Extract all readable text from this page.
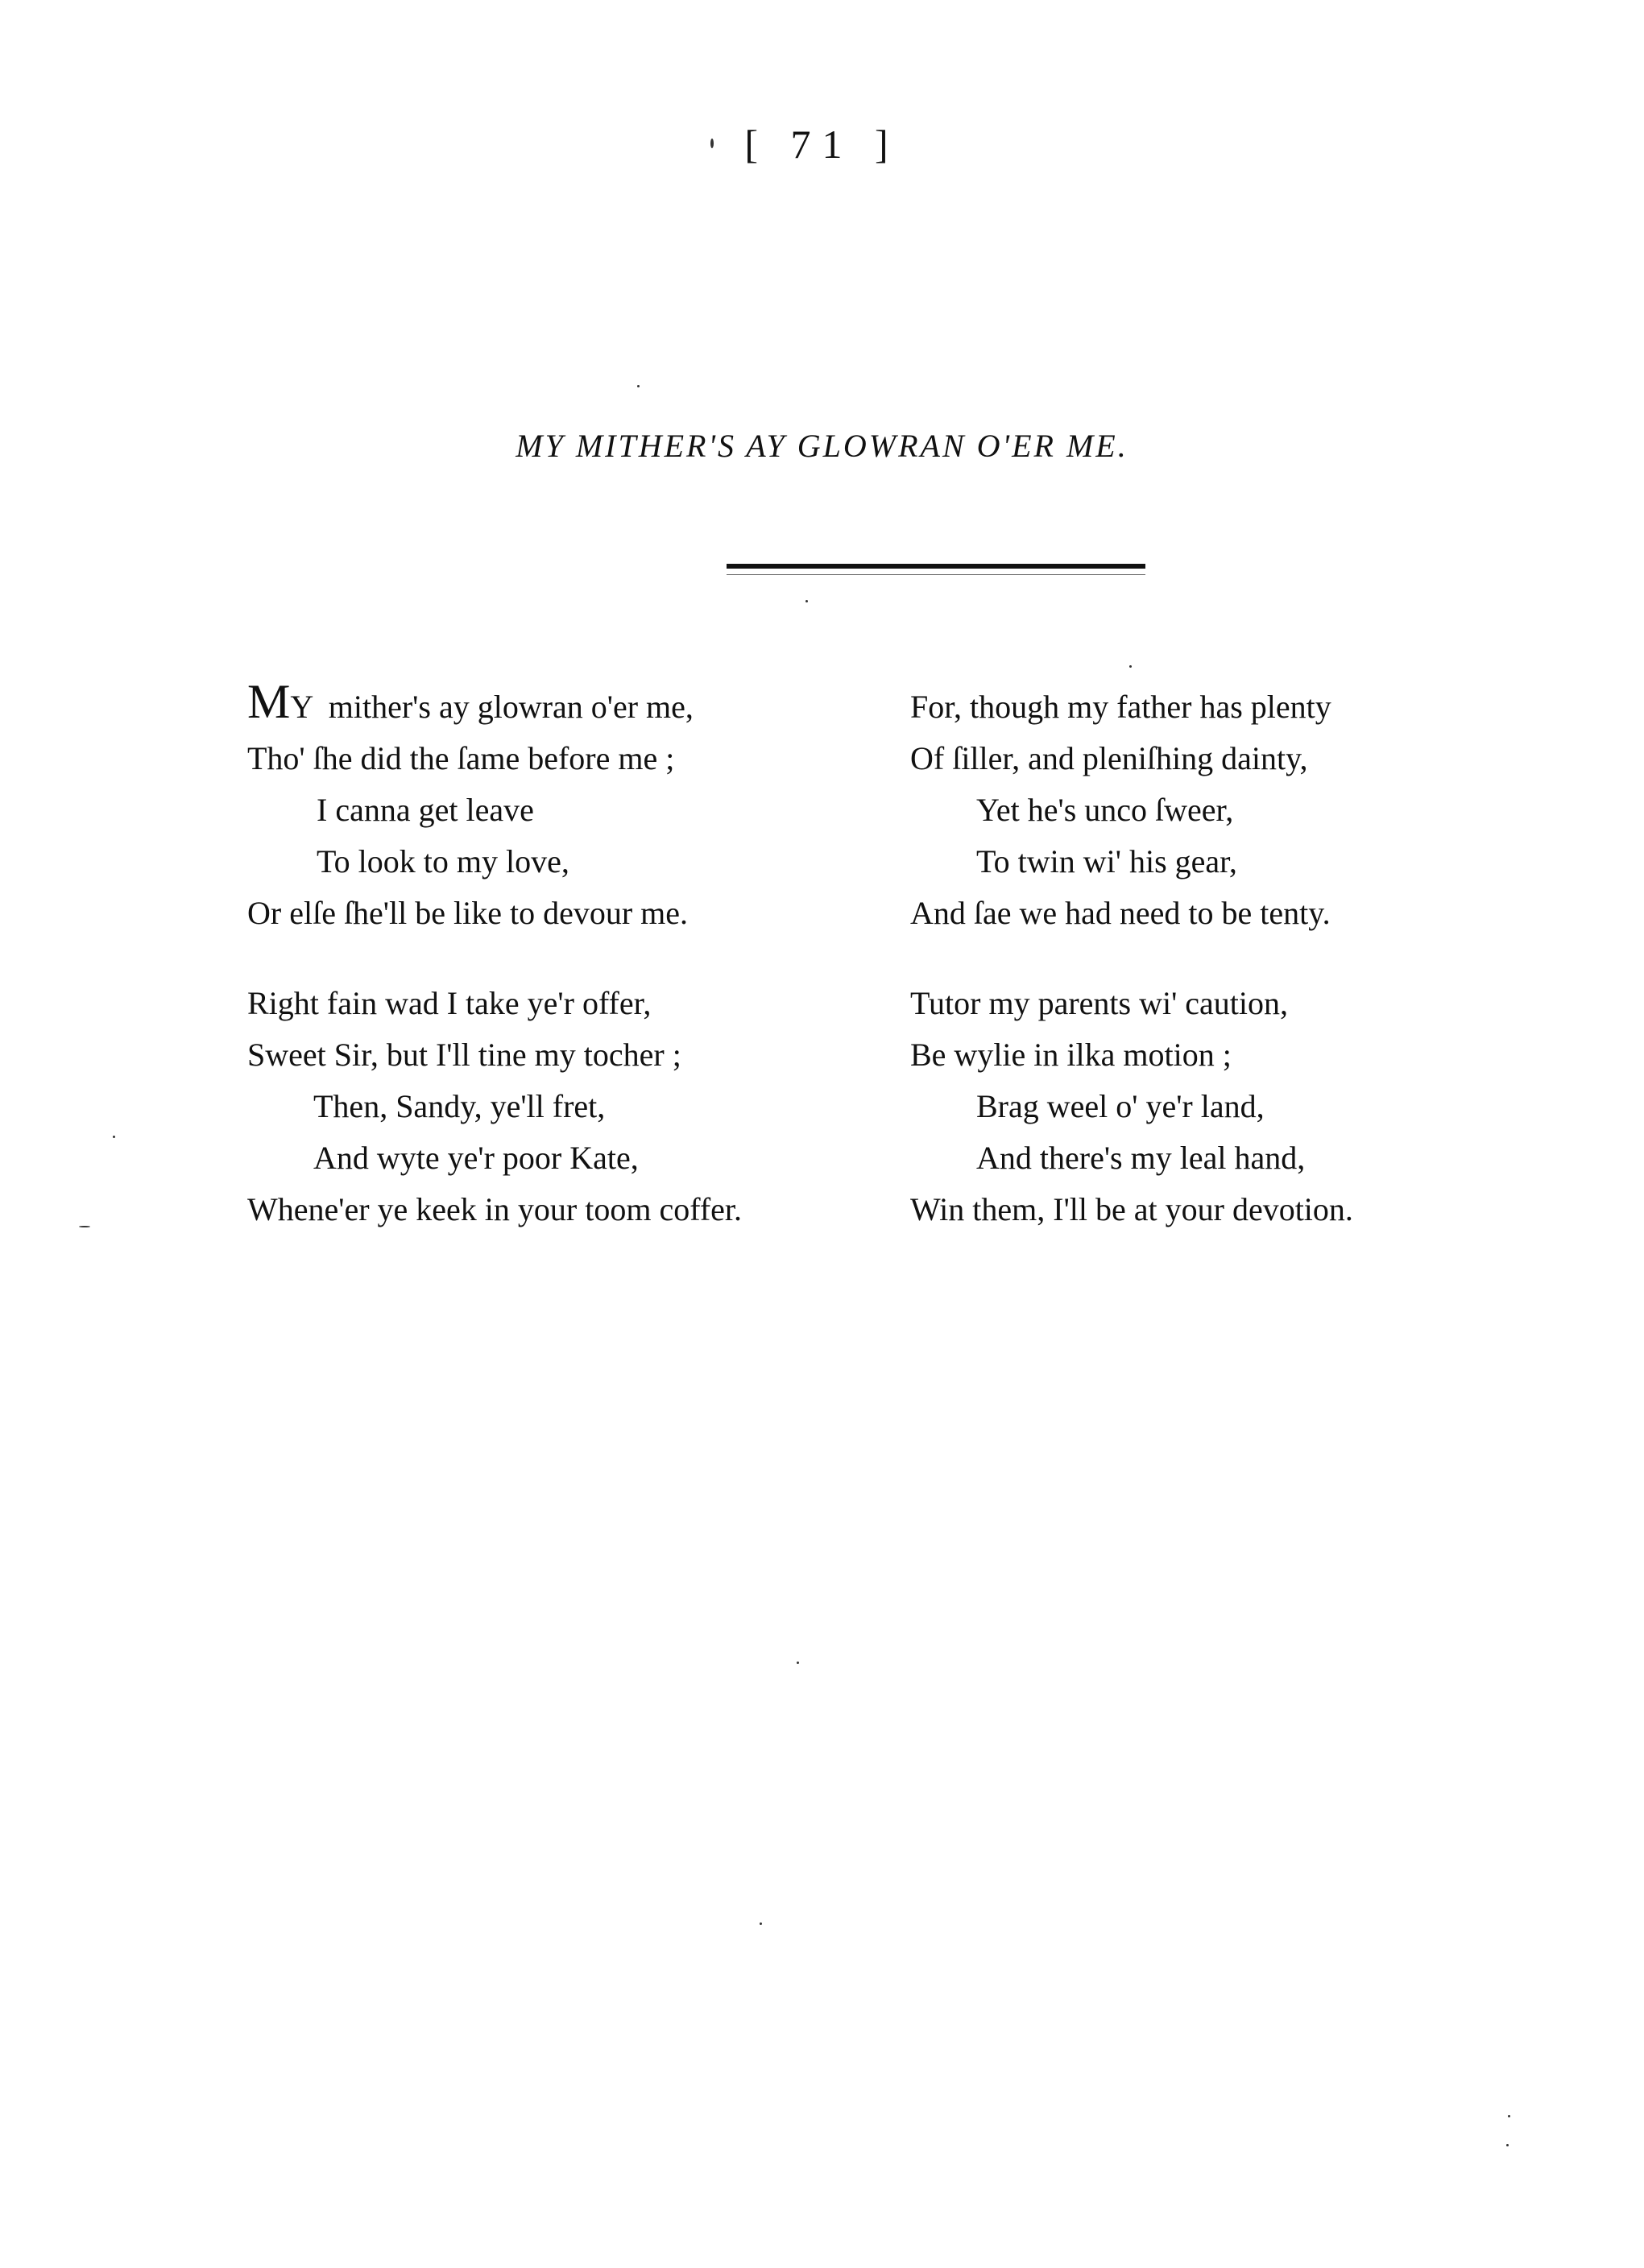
[ 71 ]
MY MITHER'S AY GLOWRAN O'ER ME.
MY  mither's ay glowran o'er me,
Tho' ſhe did the ſame before me ;
I canna get leave
To look to my love,
Or elſe ſhe'll be like to devour me.
Right fain wad I take ye'r offer,
Sweet Sir, but I'll tine my tocher ;
Then, Sandy, ye'll fret,
And wyte ye'r poor Kate,
Whene'er ye keek in your toom coffer.
For, though my father has plenty
Of ſiller, and pleniſhing dainty,
Yet he's unco ſweer,
To twin wi' his gear,
And ſae we had need to be tenty.
Tutor my parents wi' caution,
Be wylie in ilka motion ;
Brag weel o' ye'r land,
And there's my leal hand,
Win them, I'll be at your devotion.
